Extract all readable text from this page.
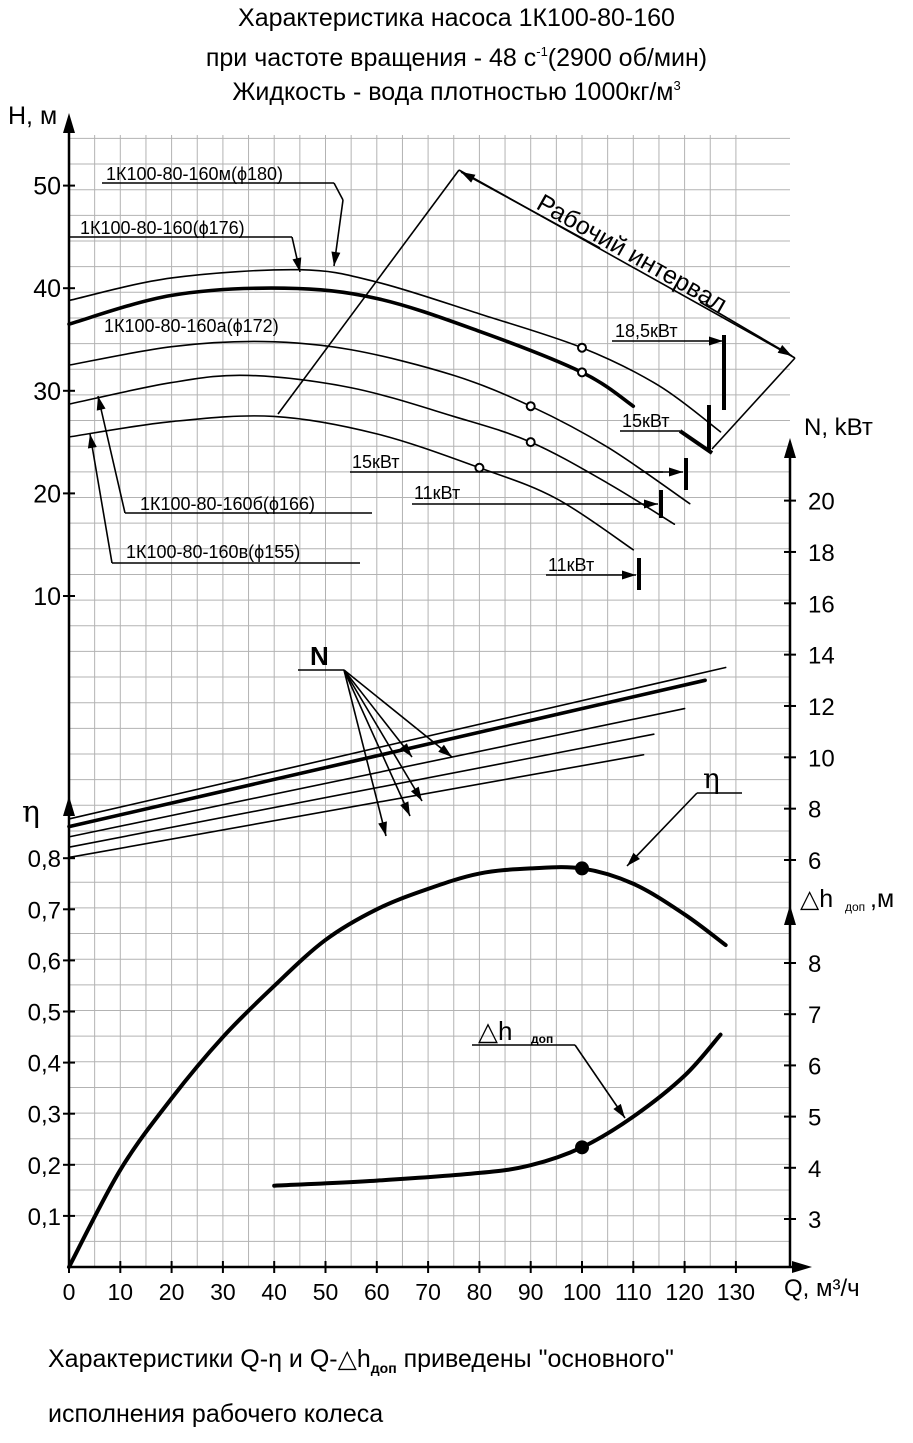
Характеристика насоса 1К100-80-160
при частоте вращения - 48 $с^{-1}(2900$ об/мин)
Жидкость - вода плотностью $1000кг/м^3$
0 10 20 30 40 50 60 70 80 90 100 110 120 130
10
20
30
40
50
0,1
0,2
0,3
0,4
0,5
0,6
0,7
0,8	6
8
10
12
14
16
18
20
3
4
5
6
7
8
Рабочий интервал
1К100-80-160м(ϕ180)
1К100-80-160(ϕ176)
1К100-80-160а(ϕ172)
1К100-80-160б(ϕ166)
1К100-80-160в(ϕ155)
18,5кВт
15кВт
15кВт
11кВт
11кВт
N
η
△h доп
Н, м
N, kВт
η
Q, м³/ч
△h доп ,м
Характеристики Q-η и $Q-\triangle h_{доп}$ приведены "основного"
исполнения рабочего колеса
